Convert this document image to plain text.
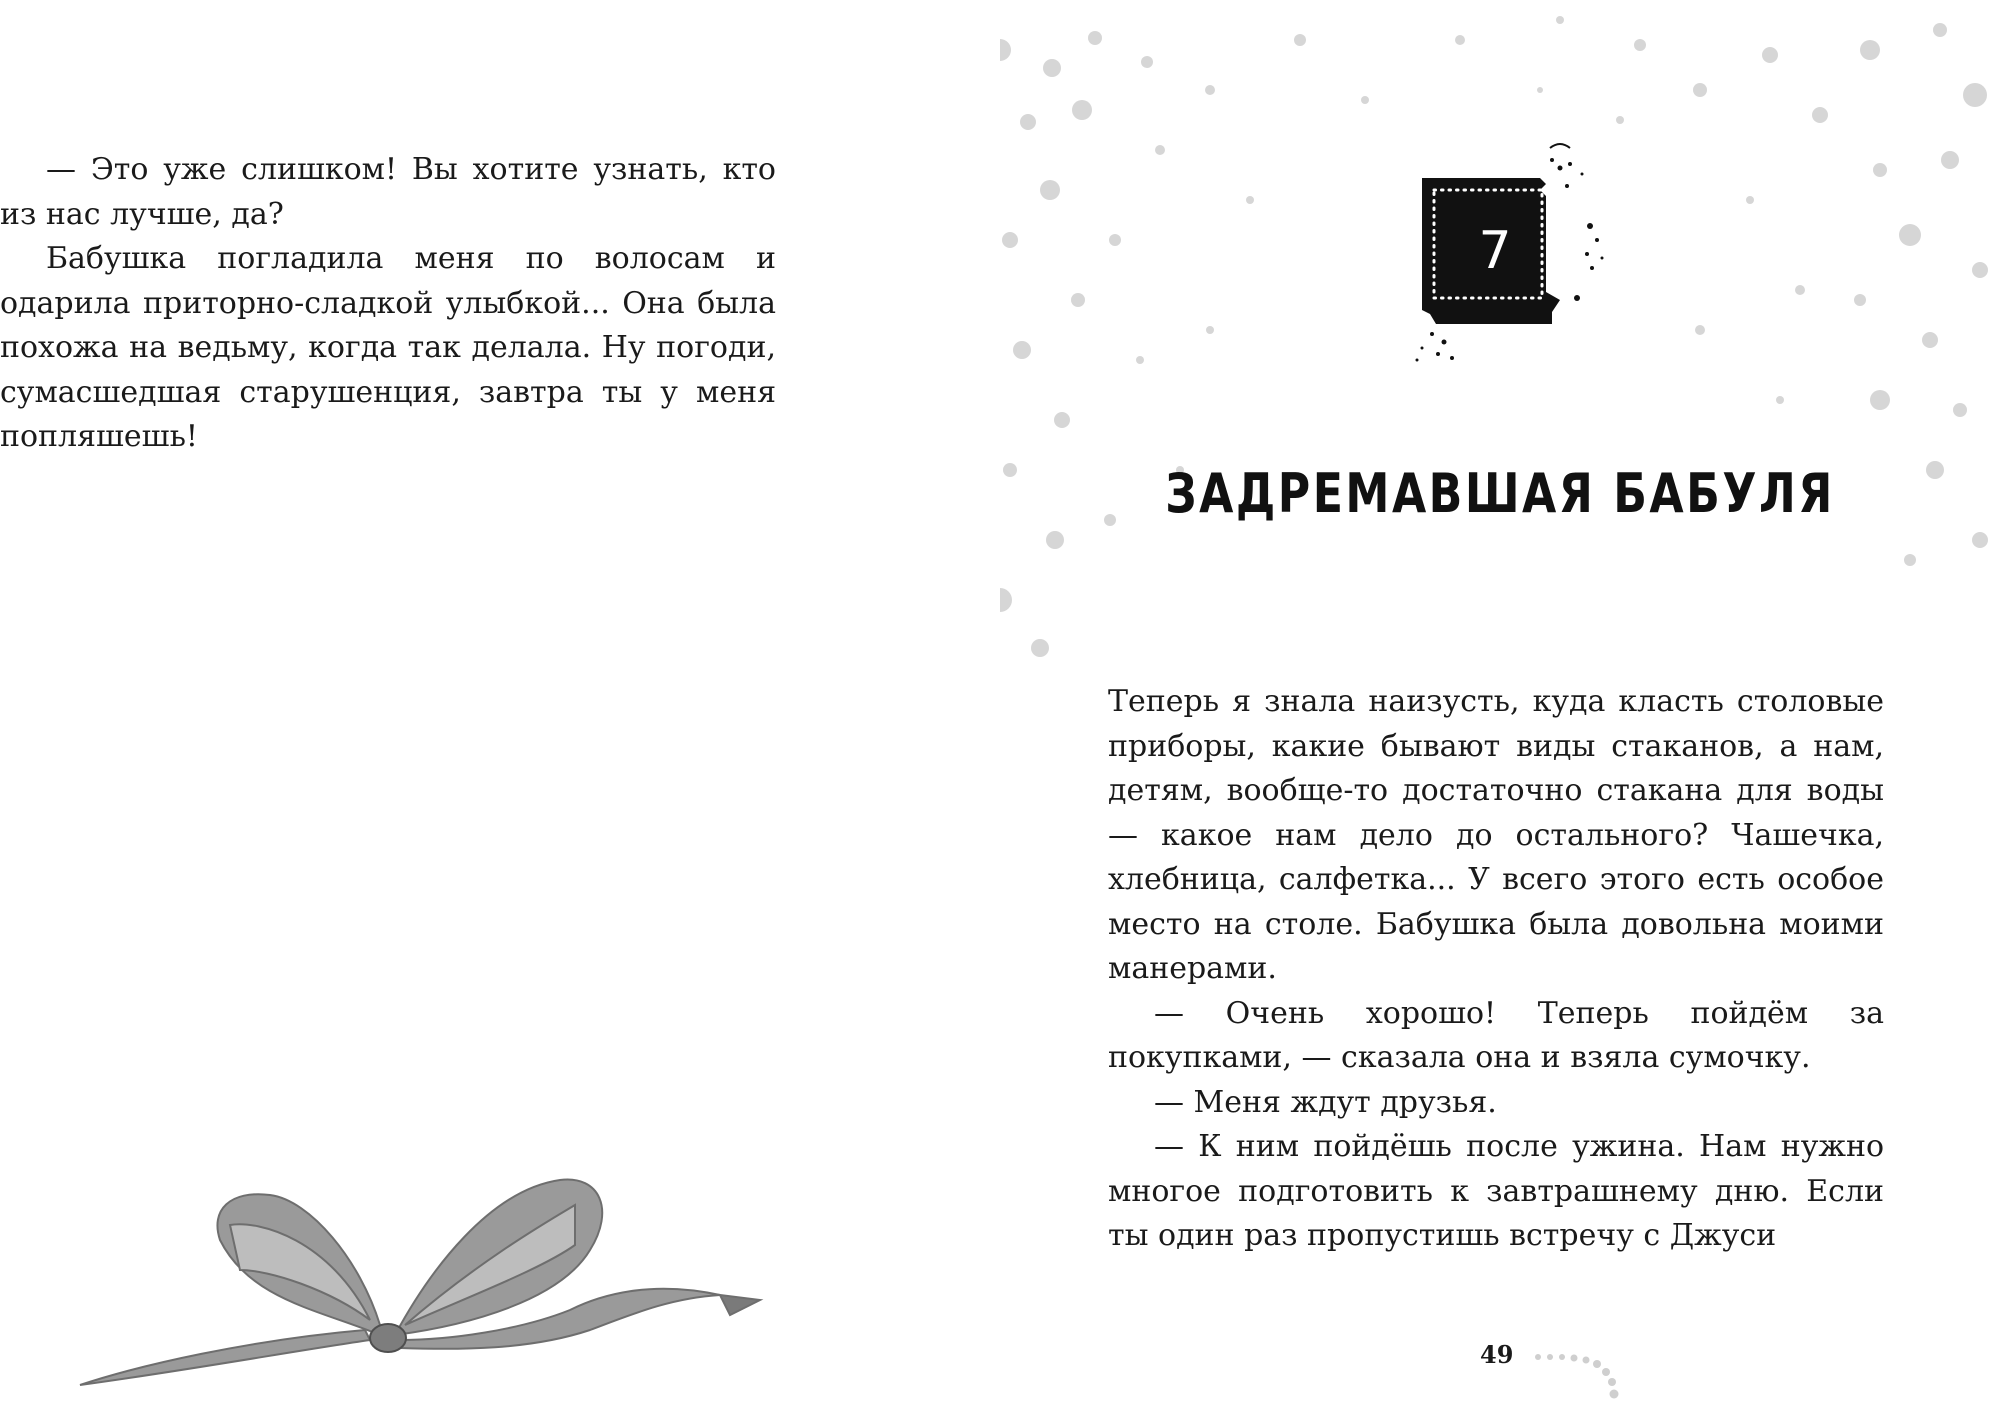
— Это уже слишком! Вы хотите узнать, кто из нас лучше, да?

Бабушка погладила меня по волосам и одарила приторно-сладкой улыбкой... Она была похожа на ведьму, когда так делала. Ну погоди, сумасшедшая старушенция, завтра ты у меня попляшешь!

7
ЗАДРЕМАВШАЯ БАБУЛЯ

Теперь я знала наизусть, куда класть столовые приборы, какие бывают виды стаканов, а нам, детям, вообще-то достаточно стакана для воды — какое нам дело до остального? Чашечка, хлебница, салфетка... У всего этого есть особое место на столе. Бабушка была довольна моими манерами.

— Очень хорошо! Теперь пойдём за покупками, — сказала она и взяла сумочку.

— Меня ждут друзья.

— К ним пойдёшь после ужина. Нам нужно многое подготовить к завтрашнему дню. Если ты один раз пропустишь встречу с Джуси

49
